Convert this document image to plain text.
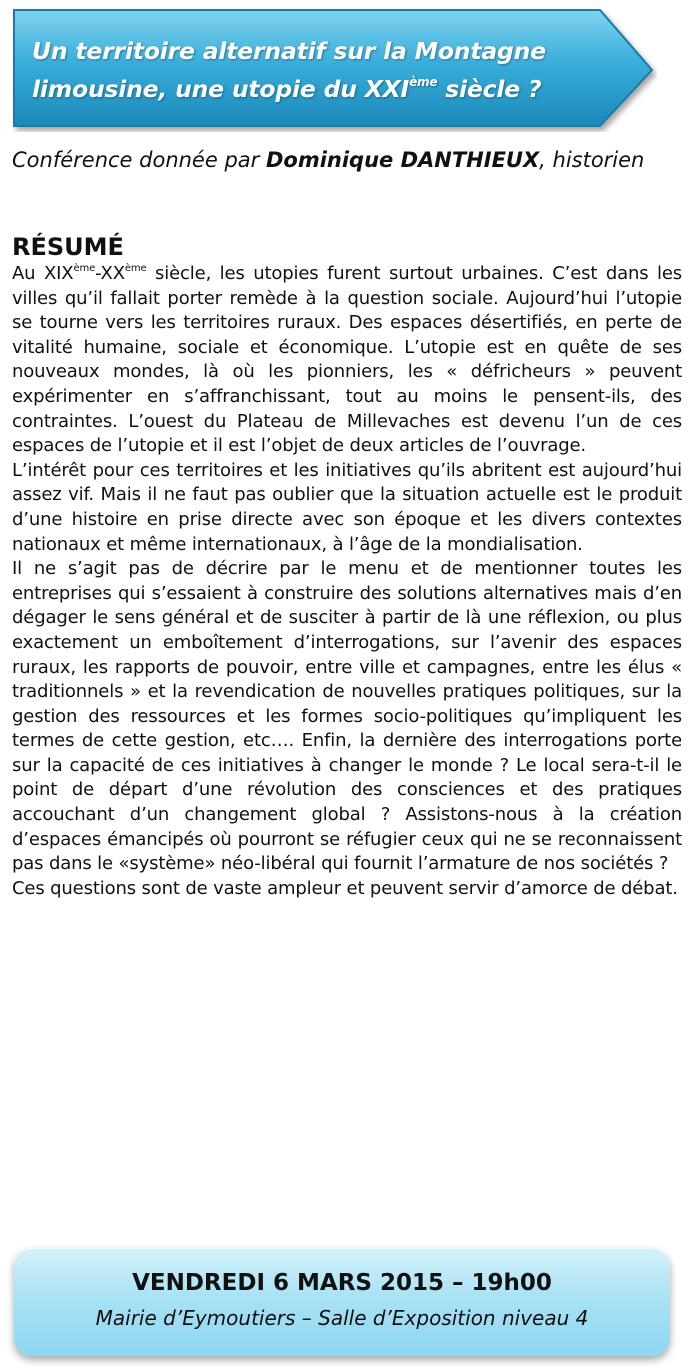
Un territoire alternatif sur la Montagne
limousine, une utopie du XXIème siècle ?
Conférence donnée par Dominique DANTHIEUX, historien
RÉSUMÉ

Au XIXème-XXème siècle, les utopies furent surtout urbaines. C’est dans les villes qu’il fallait porter remède à la question sociale. Aujourd’hui l’utopie se tourne vers les territoires ruraux. Des espaces désertifiés, en perte de vitalité humaine, sociale et économique. L’utopie est en quête de ses nouveaux mondes, là où les pionniers, les « défricheurs » peuvent expérimenter en s’affranchissant, tout au moins le pensent-ils, des contraintes. L’ouest du Plateau de Millevaches est devenu l’un de ces espaces de l’utopie et il est l’objet de deux articles de l’ouvrage.

L’intérêt pour ces territoires et les initiatives qu’ils abritent est aujourd’hui assez vif. Mais il ne faut pas oublier que la situation actuelle est le produit d’une histoire en prise directe avec son époque et les divers contextes nationaux et même internationaux, à l’âge de la mondialisation.

Il ne s’agit pas de décrire par le menu et de mentionner toutes les entreprises qui s’essaient à construire des solutions alternatives mais d’en dégager le sens général et de susciter à partir de là une réflexion, ou plus exactement un emboîtement d’interrogations, sur l’avenir des espaces ruraux, les rapports de pouvoir, entre ville et campagnes, entre les élus « traditionnels » et la revendication de nouvelles pratiques politiques, sur la gestion des ressources et les formes socio-politiques qu’impliquent les termes de cette gestion, etc…. Enfin, la dernière des interrogations porte sur la capacité de ces initiatives à changer le monde ? Le local sera-t-il le point de départ d’une révolution des consciences et des pratiques accouchant d’un changement global ? Assistons-nous à la création d’espaces émancipés où pourront se réfugier ceux qui ne se reconnaissent pas dans le «système» néo-libéral qui fournit l’armature de nos sociétés ?

Ces questions sont de vaste ampleur et peuvent servir d’amorce de débat.

VENDREDI 6 MARS 2015 – 19h00
Mairie d’Eymoutiers – Salle d’Exposition niveau 4
